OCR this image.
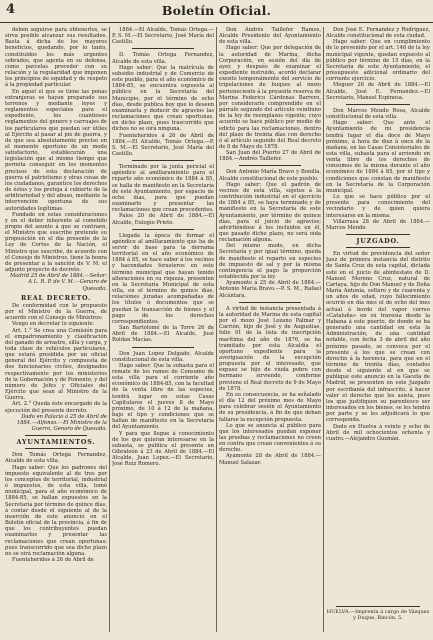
4	Boletín Oficial.

deben seguirse para obtenerlos, se sirva posible alcanzar sus resultados. Basta á dicha de los mayores beneficios, quedando, por lo tanto, constituidos los más urgentes sobrados, que agenta en su defensa, como parcelas proceder con su relación y la regularidad que imponen los principios de equidad y de respeto á la propiedad particular.

En aquel el que se tiene las penas extranjeras se hayan preparado sus terrenos y mediante leyes y reglamentos especiales para el expediente, los cuantiosos reglamentos del genero y carruajes de los particulares que puedan ser útiles al Ejército al pasar al pie de guerra, y de que sea absolutamente preciso en el momento oportuno de un modo satisfactorio, establecerán una legislación que al mismo tiempo que permita conseguir en los momentos precisos de esta declaración de guerra el patriotismo y otras cosas de los ciudadanos, garantice los derechos de éstos y los proteja á cubierto de la arbitrariedad y del abuso, mediante la intervención oportuna de sus autoridades legítimas.

Fundado en estas consideraciones y en el deber inherente al cometido propio del asunto á que se contraen, el Ministro que suscribe pretende su proposición en el día presente de la Ley de Cortes de la Nación, el Ministro que suscribe, de acuerdo con el Consejo de Ministros, tiene la honra de presentar a la sanción de V. M. el adjunto proyecto de decreto.

Madrid 25 de Abril de 1884.—Señor: A L. R. P. de V. M.—Genaro de Quesada.

REAL DECRETO.

De conformidad con lo propuesto por el Ministro de la Guerra, de acuerdo con el Consejo de Ministros:

Vengo en decretar lo siguiente:

Art. 1.° Se crea una Comisión para el empadronamiento y clasificación del ganado de arrastre, silla y carga, y toda clase de vehículos particulares, que estará presidida por un oficial general del Ejército y compuesta de dos funcionarios civiles, designados respectivamente por los ministerios de la Gobernación y de Fomento, y del número de Jefes y Oficiales del Ejército que sean al Ministro de la Guerra.

Art. 2.° Queda éste encargado de la ejecución del presente decreto.

Dado en Palacio á 25 de Abril de 1884.—Alfonso.—El Ministro de la Guerra, Genaro de Quesada.

AYUNTAMIENTOS.

Don Tomás Ortega Fernandez, Alcalde de esta villa.

Hago saber: Que los padrones del impuesto equivalente al de tres por los conceptos de territorial, industrial é impuestos, de esta villa, tomó municipal, para el año económico de 1884-85, se hallan expuestos en la Secretaría por término de quince días, á contar desde el siguiente al de la inserción de este anuncio en el Boletín oficial de la provincia, á fin de que los contribuyentes puedan examinarlos y presentar las reclamaciones que crean oportunas; pues transcurrido que sea dicho plazo no se oirá reclamación alguna.

Fuenteheridos á 26 de Abril de

1884.—El Alcalde, Tomás Ortega.—P. S. M.—El Secretario, José María del Castillo.

D. Tomás Ortega Fernandez, Alcalde de esta villa.

Hago saber: Que la matrícula de subsidio industrial y de Comercio de este pueblo, para el año económico de 1884-85, se encuentra expuesta al público en la Secretaría del Municipio, por el término de ocho días, desde publica hoy que lo deseen examinarla y deducir de agravios las reclamaciones que crean oportunas, en dicho plazo, pues trascurrido que dichos no se oirá ninguna.

Fuenteheridos á 26 de Abril de 1884.—El Alcalde, Tomás Ortega.—P. S. M.—El Secretario, José María del Castillo.

Terminado por la junta pericial el apéndice al amillaramiento para el reparto año económico de 1884 á 85, se halla de manifiesto en la Secretaría de este Ayuntamiento, por espacio de ocho días, para que puedan examinarlo y presentar las reclamaciones que crean procedentes.

Palos 20 de Abril de 1884.—El Alcalde, Eulogio Prieto.

Llegada la época de formar el apéndice al amillaramiento que ha de servir de base para la derrama territorial en el año económico de 1884 á 85, se hace saber á los vecinos y hacendados forasteros en este término municipal que hayan tenido alteraciones en su riqueza, presenten en la Secretaría Municipal de esta villa, en el término de quince días, relaciones juradas acompañadas de los títulos ó documentos que se puedan la transacción de bienes y el pago de los derechos correspondientes.

San Bartolomé de la Torre 26 de Abril de 1884.—El Alcalde, José Roldan Macías.

Don Juan Lopez Delgado, Alcalde constitucional de esta villa.

Hago saber: Que la subasta para el remate de los ramos de Consumo de esta villa para el corriente año económico de 1884-85, con la facultad de la venta libre de las especies, tendrá lugar en estas Casas Capitulares el jueves 8 de Mayo próximo, de 10 á 12 de la mañana, bajo el tipo y condiciones que se hallan de manifiesto en la Secretaría del Ayuntamiento.

Y para que llegue á conocimiento de los que quieran interesarse en la subasta, se publica el presente en Gibraleón á 23 de Abril de 1884.—El Alcalde, Juan Lopez.—El Secretario, José Ruiz Romero.

Don Andrés Taillefer Ramos, Alcalde Presidente del Ayuntamiento de esta villa.

Hago saber: Que por delegación de la autoridad de Marina, dicha Corporación, en sesión del día de ayer, y después de examinar el expediente instruido, acordó declarar exento temporalmente del servicio de tripulaciones de buques al mozo perteneciente á la presente reserva de Marina Federico Cárdenas Barrero, por considerarle comprendido en el párrafo segundo del artículo veintiuno de la ley de reemplazos vigente; cuyo acuerdo se hace público por medio de edicto para las reclamaciones, dentro del plazo de treinta días con derecho ó al artículo segundo del Real decreto de 8 de Mayo de 1878.

San Juan del Puerto 27 de Abril de 1884.—Andrés Taillefer.

Don Antonio María Bravo y Bonilla, Alcalde constitucional de este pueblo.

Hago saber: Que el padrón de vecinos de esta villa, sujetos á la contribución industrial en el ejercicio de 1884 á 85, se haya terminado y de manifiesto en la Secretaría de este Ayuntamiento, por término de quince días, para el juicio de agravios; advirtiéndose á los incluidos en él, que pasado dicho plazo, no será oída reclamación alguna.

Del mismo modo, en dicha Secretaría y por igual término, queda de manifiesto el reparto en especies de impuesto de sal y por la misma contingencia el pago la proporción establecida por la ley.

Ayamonte á 25 de Abril de 1884.—Antonio María Bravo.—P. S. M., Rafael Alcántara.

A virtud de instancia presentada á la autoridad de Marina de esta capital por el mozo José Lozano Palmar y Carrión, hijo de José y de Augustias, folio 91 de la lista de inscripción marítima del año de 1876, se ha tramitado por esta Alcaldía el oportuno expediente para la averiguación de la excepción propuesta por el interesado, que expuso se hijo de viuda pobre con hermano sirviendo, conforme previene el Real decreto de 9 de Mayo de 1878.

En su consecuencia, se ha señalado el día 12 del próximo mes de Mayo para celebrar sesión el Ayuntamiento de su presidencia, á fin de que deban fallarse la excepción propuesta.

Lo que se anuncia al público para que los interesados puedan exponer las pruebas y reclamaciones no creen en contra que crean convenientes á su derecho.

Ayamonte 28 de Abril de 1884.—Manuel Salazar.

Don José E. Fernandez y Rodriguez, Alcalde constitucional de esta ciudad.

Hago saber: Que en cumplimiento de lo prevenido por el art. 146 de la ley municipal vigente, quedan expuesto al público por término de 15 días, en la Secretaría de este Ayuntamiento, el presupuesto adicional ordinario del corriente ejercicio.

Moguer 26 de Abril de 1884.—El Alcalde, José E. Fernandez.—El Secretario, Manuel Espinosa.

Don Marcos Mendo Rosa, Alcalde constitucional de esta villa.

Hago saber: Que ante el Ayuntamiento de mi presidencia tendrá lugar el día doce de Mayo próximo, á hora de diez á once de la mañana, en las Casas Consistoriales de esta villa, subasta para el arriendo en venta libre de los derechos de consumos de la misma durante el año económico de 1884 á 85, por el tipo y condiciones que constan de manifiesto en la Secretaría de la Corporación municipal.

Lo que se hace público por el presente para conocimiento del vecindario y de quien quiera interesarse en la misma.

Villarrasa 28 de Abril de 1884.—Marcos Mendo.

JUZGADO.

En virtud de providencia del señor Juez de primera instancia del distrito de Santa Cruz de esta capital, dictada este en el juicio de abintestato de D. Manuel Moreno Cruz, natural de Cartaya, hijo de Don Manuel y de Doña María Antonia, soltero y de cuarenta y un años de edad, cuyo fallecimiento ocurrió en día mes el de ocho del mes actual á bordo del vapor correo «Cataluña» en su travesía desde la Habana á este puerto, de donde se ha generado una cantidad en esta la Administración, de una cantidad notable, con fecha 3 de abril del año próximo pasado, se convoca por el presente á los que se crean con derecho á la herencia, para que en el término de treinta días, contados desde el siguiente al en que se publique este anuncio en la Gaceta de Madrid, se presenten en este Juzgado por escribanía del infrascrito, á hacer valer el derecho que les asista, pues los que justifiquen su parentesco ser interesados en los bienes, se les tendrá por parte y se les adjudicará lo que corresponda.

Dado en Huelva á veinte y ocho de Abril de mil ochocientos ochenta y cuatro.—Alejandro Guzmán.

HUELVA.—Imprenta á cargo de Vázquez y Duque, Rincón, 5.
